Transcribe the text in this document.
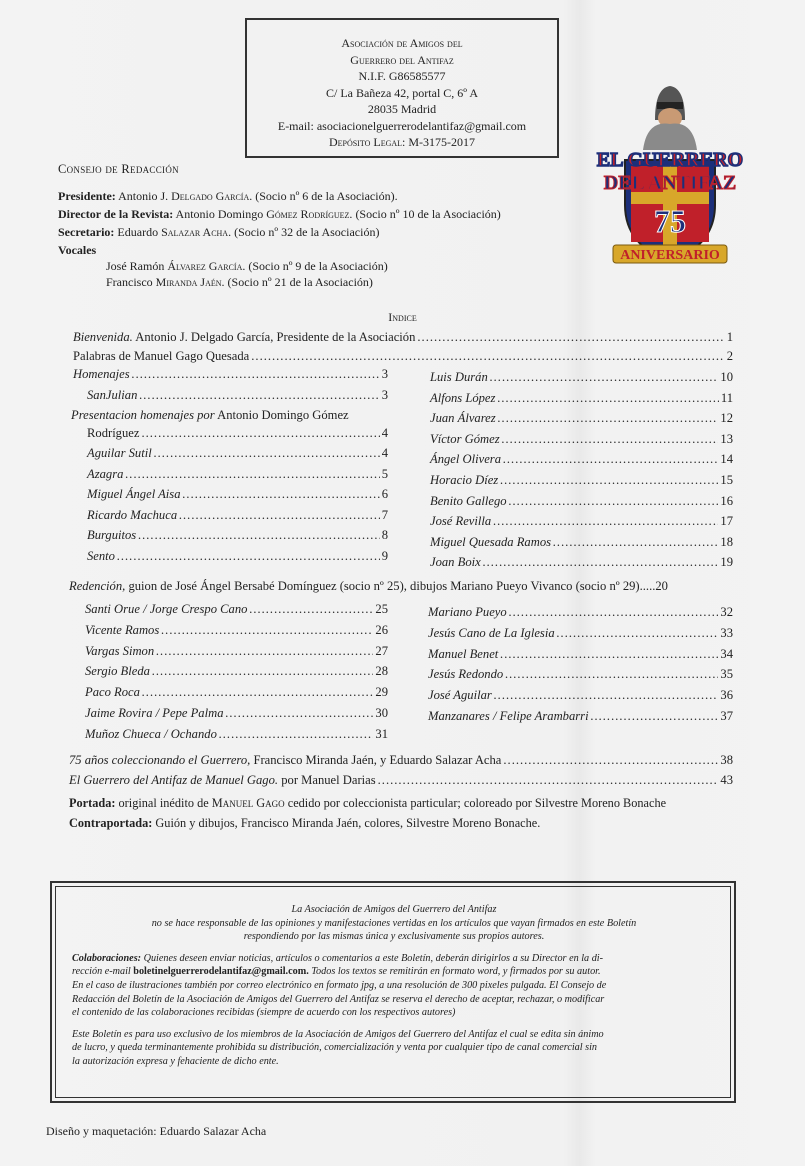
Asociación de Amigos del
Guerrero del Antifaz
N.I.F. G86585577
C/ La Bañeza 42, portal C, 6º A
28035 Madrid
E-mail: asociacionelguerrerodelantifaz@gmail.com
Depósito Legal: M-3175-2017
EL GUERRERO
DEL ANTIFAZ
75
ANIVERSARIO
Consejo de Redacción
Presidente: Antonio J. Delgado García. (Socio nº 6 de la Asociación).
Director de la Revista: Antonio Domingo Gómez Rodríguez. (Socio nº 10 de la Asociación)
Secretario: Eduardo Salazar Acha. (Socio nº 32 de la Asociación)
Vocales
José Ramón Álvarez García. (Socio nº 9 de la Asociación)
Francisco Miranda Jaén. (Socio nº 21 de la Asociación)
Indice
Bienvenida. Antonio J. Delgado García, Presidente de la Asociación .....	1
Palabras de Manuel Gago Quesada .....	2
Homenajes .....	3
SanJulian .....	3
Presentacion homenajes por Antonio Domingo Gómez
Rodríguez .....	4
Aguilar Sutil .....	4
Azagra .....	5
Miguel Ángel Aisa .....	6
Ricardo Machuca .....	7
Burguitos .....	8
Sento .....	9
Luis Durán .....	10
Alfons López .....	11
Juan Álvarez .....	12
Víctor Gómez .....	13
Ángel Olivera .....	14
Horacio Díez .....	15
Benito Gallego .....	16
José Revilla .....	17
Miguel Quesada Ramos .....	18
Joan Boix .....	19
Redención, guion de José Ángel Bersabé Domínguez (socio nº 25), dibujos Mariano Pueyo Vivanco (socio nº 29).....20
Santi Orue / Jorge Crespo Cano .....	25
Vicente Ramos .....	26
Vargas Simon .....	27
Sergio Bleda .....	28
Paco Roca .....	29
Jaime Rovira / Pepe Palma .....	30
Muñoz Chueca / Ochando .....	31
Mariano Pueyo .....	32
Jesús Cano de La Iglesia .....	33
Manuel Benet .....	34
Jesús Redondo .....	35
José Aguilar .....	36
Manzanares / Felipe Arambarri .....	37
75 años coleccionando el Guerrero, Francisco Miranda Jaén, y Eduardo Salazar Acha .....	38
El Guerrero del Antifaz de Manuel Gago. por Manuel Darias .....	43
Portada: original inédito de Manuel Gago cedido por coleccionista particular; coloreado por Silvestre Moreno Bonache
Contraportada: Guión y dibujos, Francisco Miranda Jaén, colores, Silvestre Moreno Bonache.

La Asociación de Amigos del Guerrero del Antifaz
no se hace responsable de las opiniones y manifestaciones vertidas en los artículos que vayan firmados en este Boletín
respondiendo por las mismas única y exclusivamente sus propios autores.

Colaboraciones: Quienes deseen enviar noticias, artículos o comentarios a este Boletín, deberán dirigirlos a su Director en la di-
rección e-mail boletinelguerrerodelantifaz@gmail.com. Todos los textos se remitirán en formato word, y firmados por su autor.
En el caso de ilustraciones también por correo electrónico en formato jpg, a una resolución de 300 pixeles pulgada. El Consejo de
Redacción del Boletín de la Asociación de Amigos del Guerrero del Antifaz se reserva el derecho de aceptar, rechazar, o modificar
el contenido de las colaboraciones recibidas (siempre de acuerdo con los respectivos autores)

Este Boletín es para uso exclusivo de los miembros de la Asociación de Amigos del Guerrero del Antifaz el cual se edita sin ánimo
de lucro, y queda terminantemente prohibida su distribución, comercialización y venta por cualquier tipo de canal comercial sin
la autorización expresa y fehaciente de dicho ente.

Diseño y maquetación: Eduardo Salazar Acha
